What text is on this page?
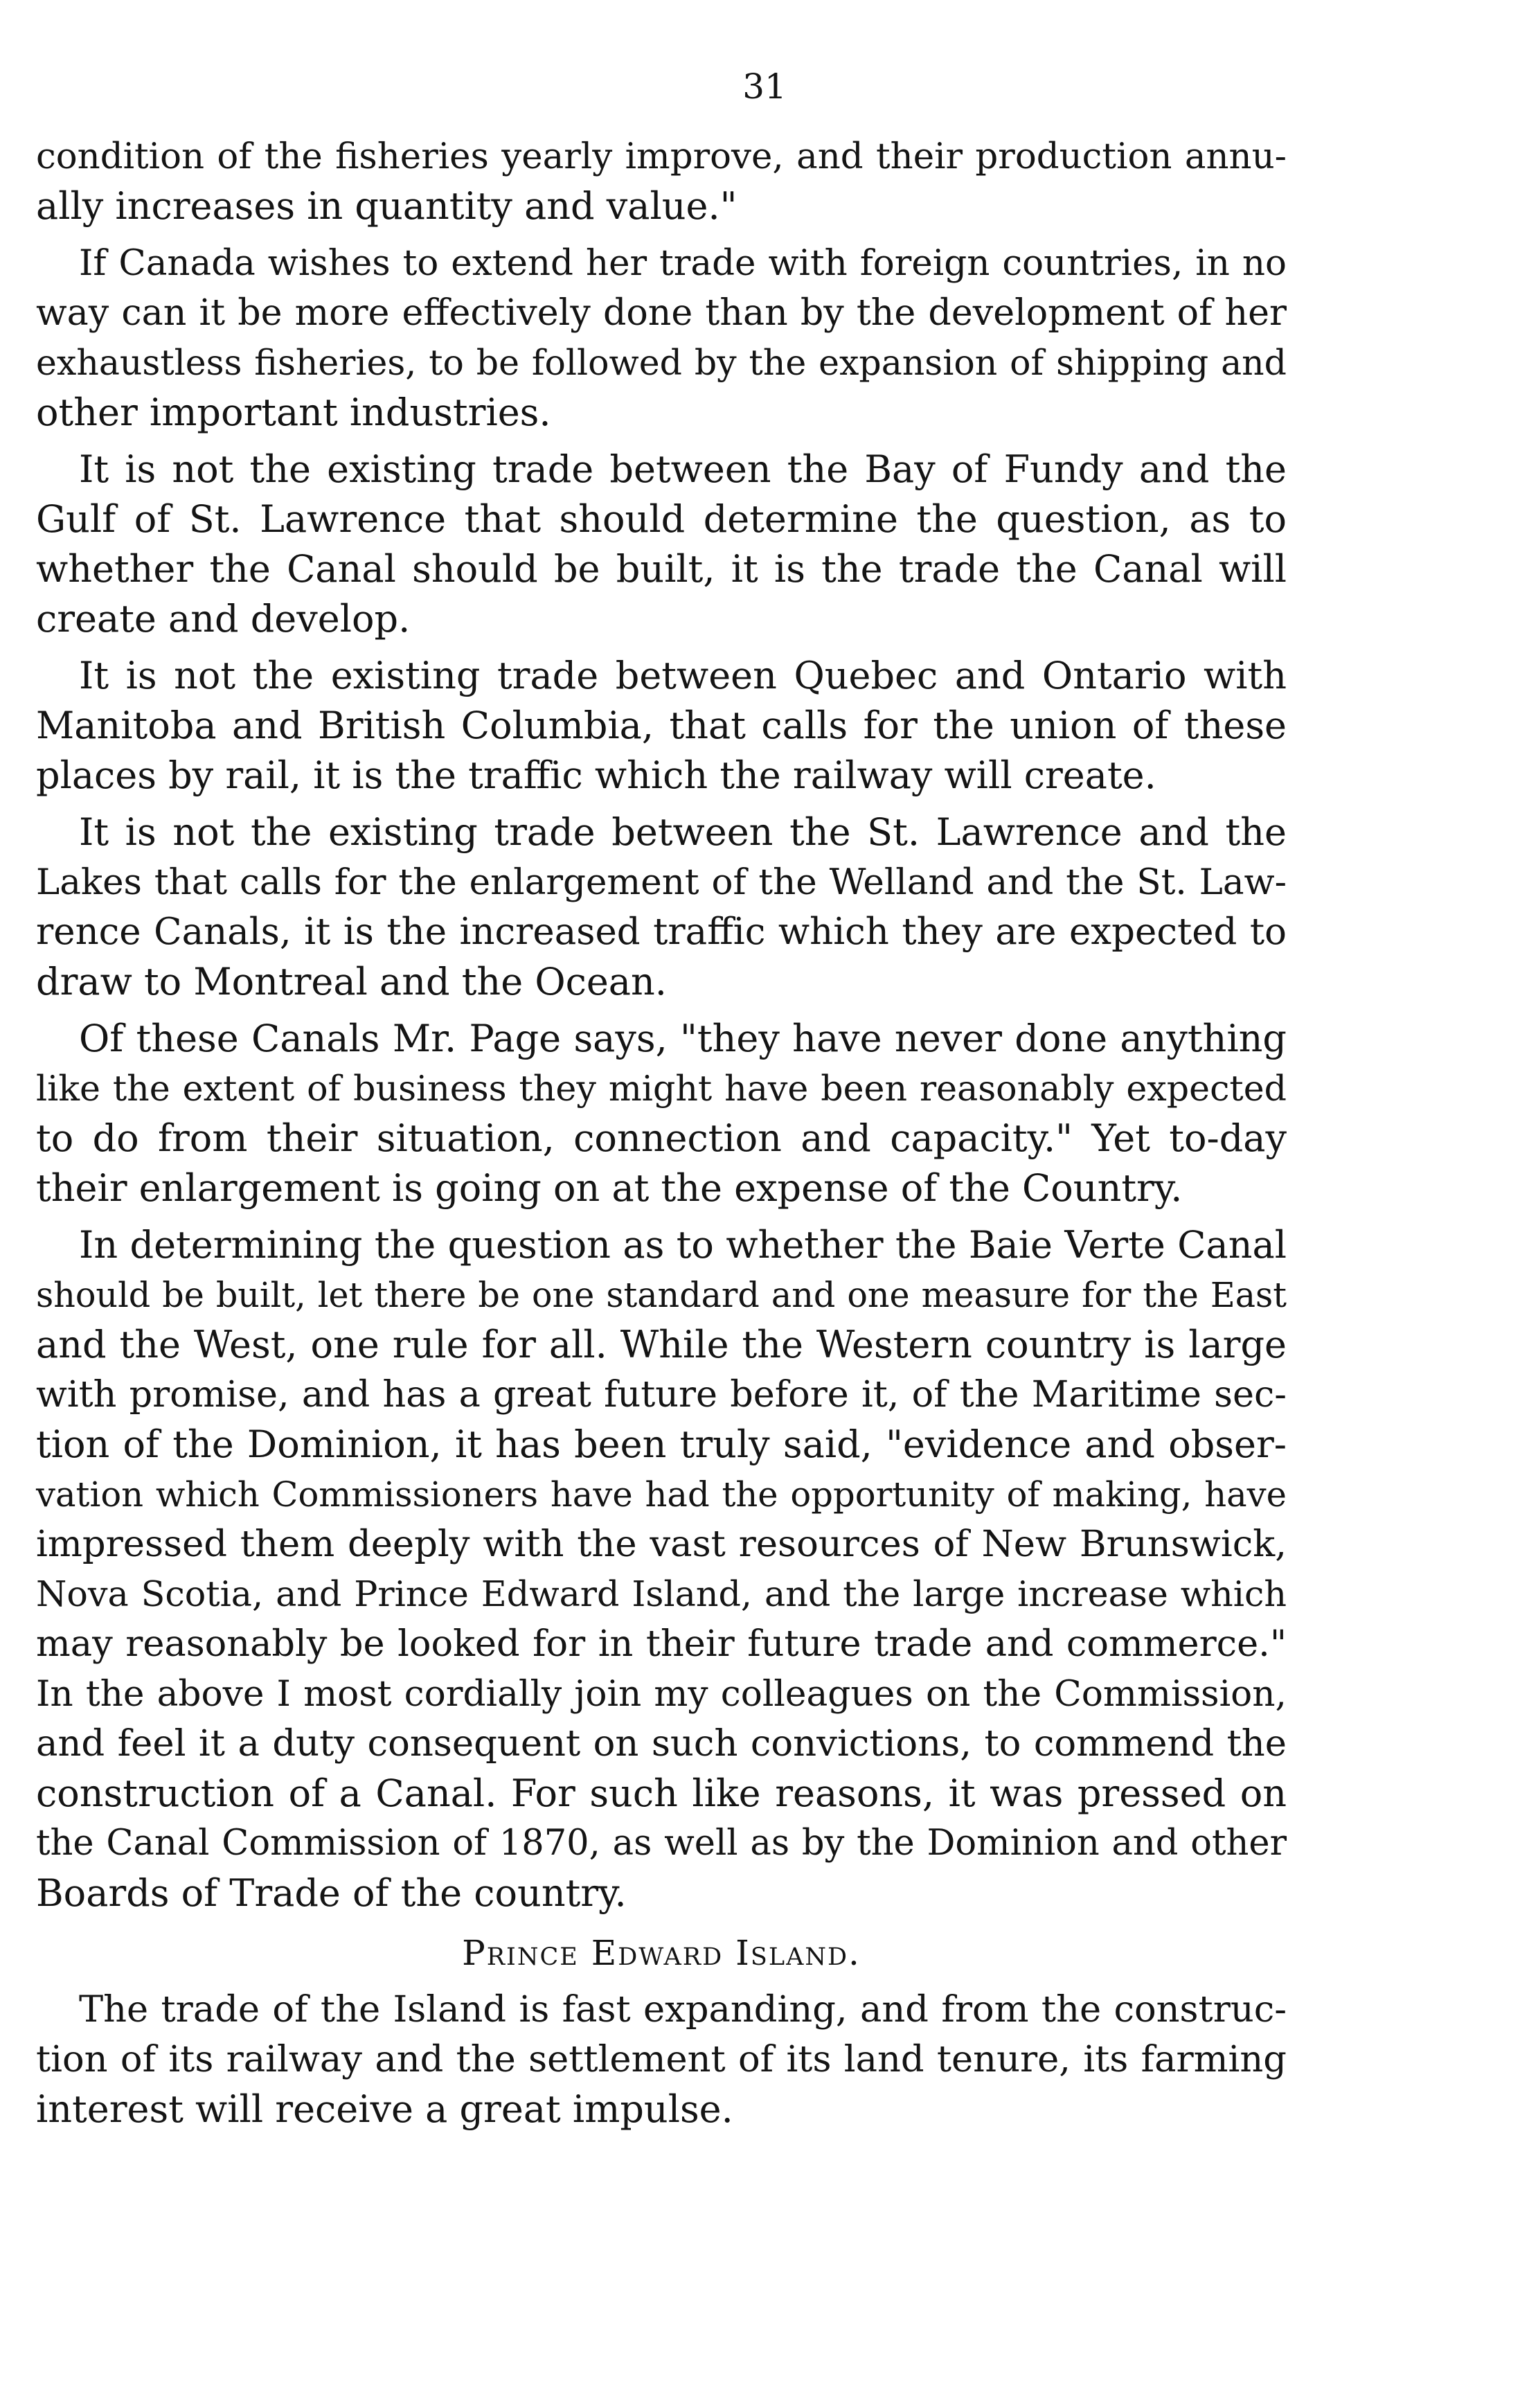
31
condition of the fisheries yearly improve, and their production annu-
ally increases in quantity and value."
If Canada wishes to extend her trade with foreign countries, in no
way can it be more effectively done than by the development of her
exhaustless fisheries, to be followed by the expansion of shipping and
other important industries.
It is not the existing trade between the Bay of Fundy and the
Gulf of St. Lawrence that should determine the question, as to
whether the Canal should be built, it is the trade the Canal will
create and develop.
It is not the existing trade between Quebec and Ontario with
Manitoba and British Columbia, that calls for the union of these
places by rail, it is the traffic which the railway will create.
It is not the existing trade between the St. Lawrence and the
Lakes that calls for the enlargement of the Welland and the St. Law-
rence Canals, it is the increased traffic which they are expected to
draw to Montreal and the Ocean.
Of these Canals Mr. Page says, "they have never done anything
like the extent of business they might have been reasonably expected
to do from their situation, connection and capacity." Yet to-day
their enlargement is going on at the expense of the Country.
In determining the question as to whether the Baie Verte Canal
should be built, let there be one standard and one measure for the East
and the West, one rule for all. While the Western country is large
with promise, and has a great future before it, of the Maritime sec-
tion of the Dominion, it has been truly said, "evidence and obser-
vation which Commissioners have had the opportunity of making, have
impressed them deeply with the vast resources of New Brunswick,
Nova Scotia, and Prince Edward Island, and the large increase which
may reasonably be looked for in their future trade and commerce."
In the above I most cordially join my colleagues on the Commission,
and feel it a duty consequent on such convictions, to commend the
construction of a Canal. For such like reasons, it was pressed on
the Canal Commission of 1870, as well as by the Dominion and other
Boards of Trade of the country.
Prince Edward Island.
The trade of the Island is fast expanding, and from the construc-
tion of its railway and the settlement of its land tenure, its farming
interest will receive a great impulse.
